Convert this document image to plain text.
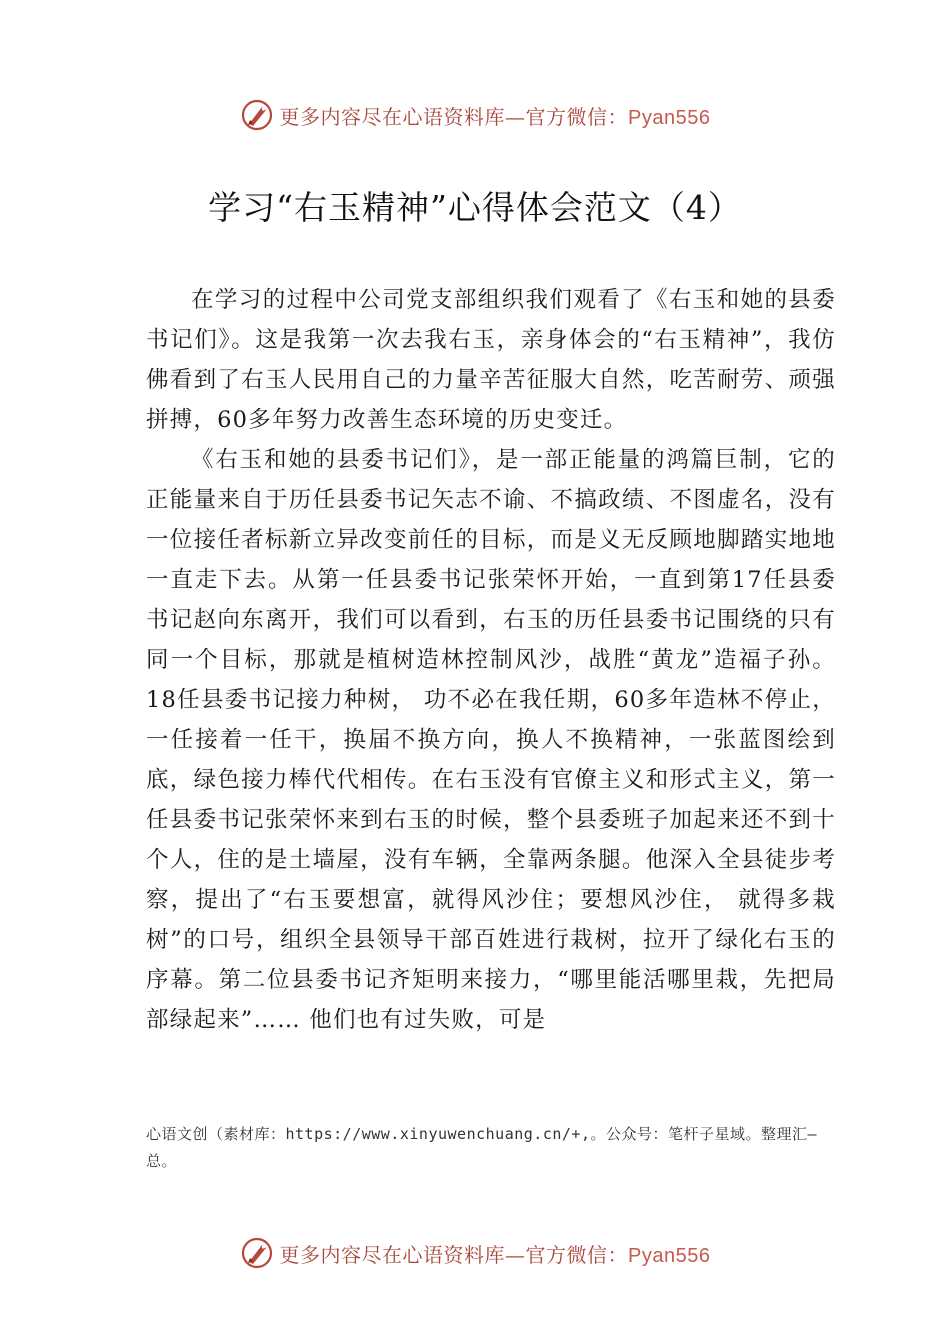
更多内容尽在心语资料库—官方微信：Pyan556
学习“右玉精神”心得体会范文（4）

在学习的过程中公司党支部组织我们观看了《右玉和她的县委书记们》。这是我第一次去我右玉，亲身体会的“右玉精神”，我仿佛看到了右玉人民用自己的力量辛苦征服大自然，吃苦耐劳、顽强拼搏，60多年努力改善生态环境的历史变迁。

《右玉和她的县委书记们》，是一部正能量的鸿篇巨制，它的正能量来自于历任县委书记矢志不谕、不搞政绩、不图虚名，没有一位接任者标新立异改变前任的目标，而是义无反顾地脚踏实地地一直走下去。从第一任县委书记张荣怀开始，一直到第17任县委书记赵向东离开，我们可以看到，右玉的历任县委书记围绕的只有同一个目标，那就是植树造林控制风沙，战胜“黄龙”造福子孙。18任县委书记接力种树， 功不必在我任期，60多年造林不停止，一任接着一任干，换届不换方向，换人不换精神，一张蓝图绘到底，绿色接力棒代代相传。在右玉没有官僚主义和形式主义，第一任县委书记张荣怀来到右玉的时候，整个县委班子加起来还不到十个人，住的是土墙屋，没有车辆，全靠两条腿。他深入全县徒步考察，提出了“右玉要想富，就得风沙住；要想风沙住， 就得多栽树”的口号，组织全县领导干部百姓进行栽树，拉开了绿化右玉的序幕。第二位县委书记齐矩明来接力，“哪里能活哪里栽，先把局部绿起来”…… 他们也有过失败，可是

心语文创（素材库：https://www.xinyuwenchuang.cn/+,。公众号：笔杆子星域。整理汇—总。
更多内容尽在心语资料库—官方微信：Pyan556
